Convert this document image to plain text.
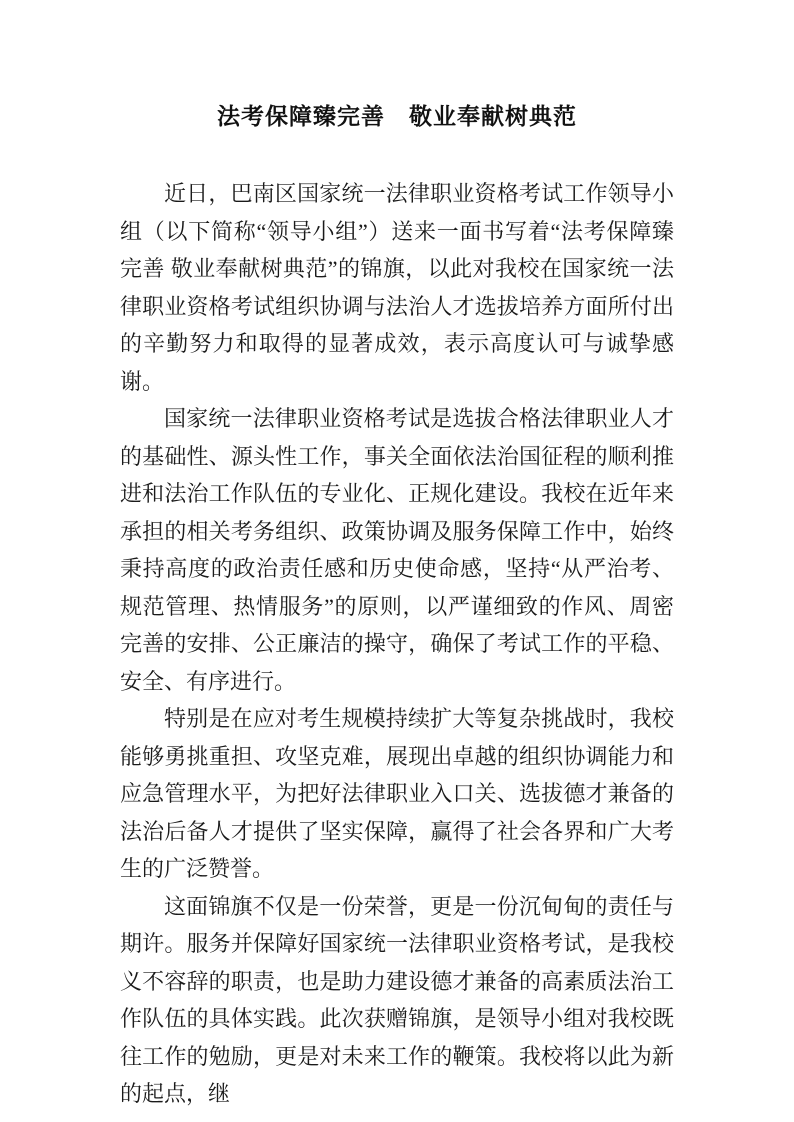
法考保障臻完善　敬业奉献树典范

近日，巴南区国家统一法律职业资格考试工作领导小组（以下简称“领导小组”）送来一面书写着“法考保障臻完善 敬业奉献树典范”的锦旗，以此对我校在国家统一法律职业资格考试组织协调与法治人才选拔培养方面所付出的辛勤努力和取得的显著成效，表示高度认可与诚挚感谢。

国家统一法律职业资格考试是选拔合格法律职业人才的基础性、源头性工作，事关全面依法治国征程的顺利推进和法治工作队伍的专业化、正规化建设。我校在近年来承担的相关考务组织、政策协调及服务保障工作中，始终秉持高度的政治责任感和历史使命感，坚持“从严治考、规范管理、热情服务”的原则，以严谨细致的作风、周密完善的安排、公正廉洁的操守，确保了考试工作的平稳、安全、有序进行。

特别是在应对考生规模持续扩大等复杂挑战时，我校能够勇挑重担、攻坚克难，展现出卓越的组织协调能力和应急管理水平，为把好法律职业入口关、选拔德才兼备的法治后备人才提供了坚实保障，赢得了社会各界和广大考生的广泛赞誉。

这面锦旗不仅是一份荣誉，更是一份沉甸甸的责任与期许。服务并保障好国家统一法律职业资格考试，是我校义不容辞的职责，也是助力建设德才兼备的高素质法治工作队伍的具体实践。此次获赠锦旗，是领导小组对我校既往工作的勉励，更是对未来工作的鞭策。我校将以此为新的起点，继
